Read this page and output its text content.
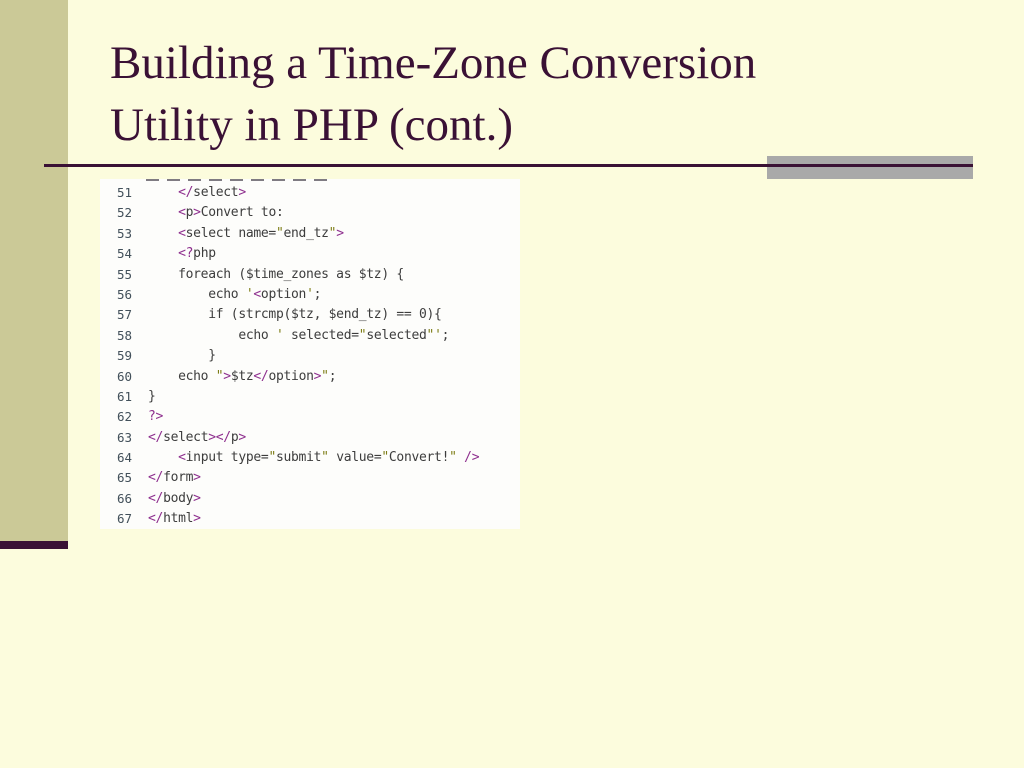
Building a Time-Zone Conversion
Utility in PHP (cont.)
51	</select>
52	<p>Convert to:
53	<select name="end_tz">
54	<?php
55	foreach ($time_zones as $tz) {
56	echo '<option';
57	if (strcmp($tz, $end_tz) == 0){
58	echo ' selected="selected"';
59	}
60	echo ">$tz</option>";
61	}
62	?>
63	</select></p>
64	<input type="submit" value="Convert!" />
65	</form>
66	</body>
67	</html>
